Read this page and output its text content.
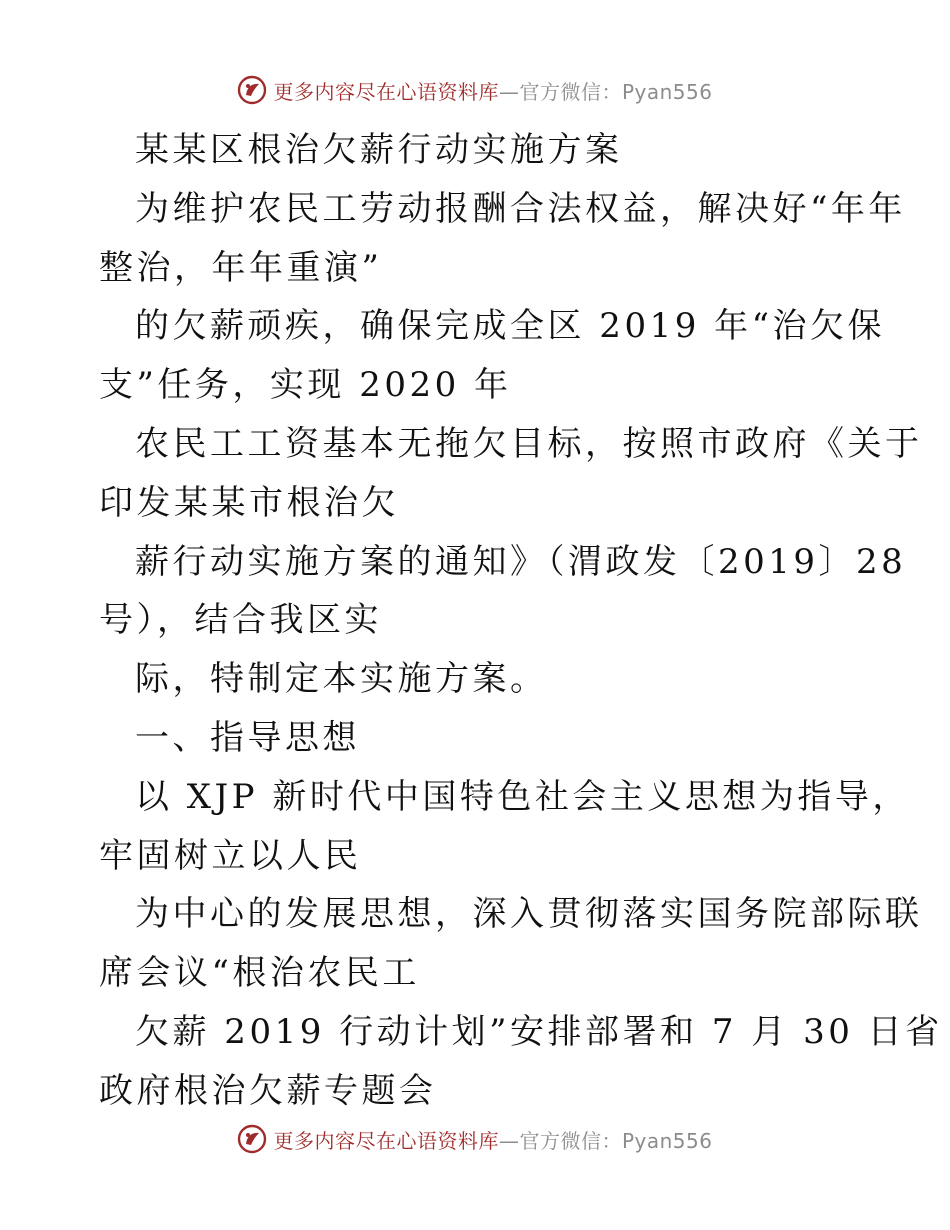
更多内容尽在心语资料库—官方微信：Pyan556
某某区根治欠薪行动实施方案
为维护农民工劳动报酬合法权益，解决好“年年
整治，年年重演”
的欠薪顽疾，确保完成全区 2019 年“治欠保
支”任务，实现 2020 年
农民工工资基本无拖欠目标，按照市政府《关于
印发某某市根治欠
薪行动实施方案的通知》（渭政发〔2019〕28
号），结合我区实
际，特制定本实施方案。
一、指导思想
以 XJP 新时代中国特色社会主义思想为指导，
牢固树立以人民
为中心的发展思想，深入贯彻落实国务院部际联
席会议“根治农民工
欠薪 2019 行动计划”安排部署和 7 月 30 日省
政府根治欠薪专题会
更多内容尽在心语资料库—官方微信：Pyan556
